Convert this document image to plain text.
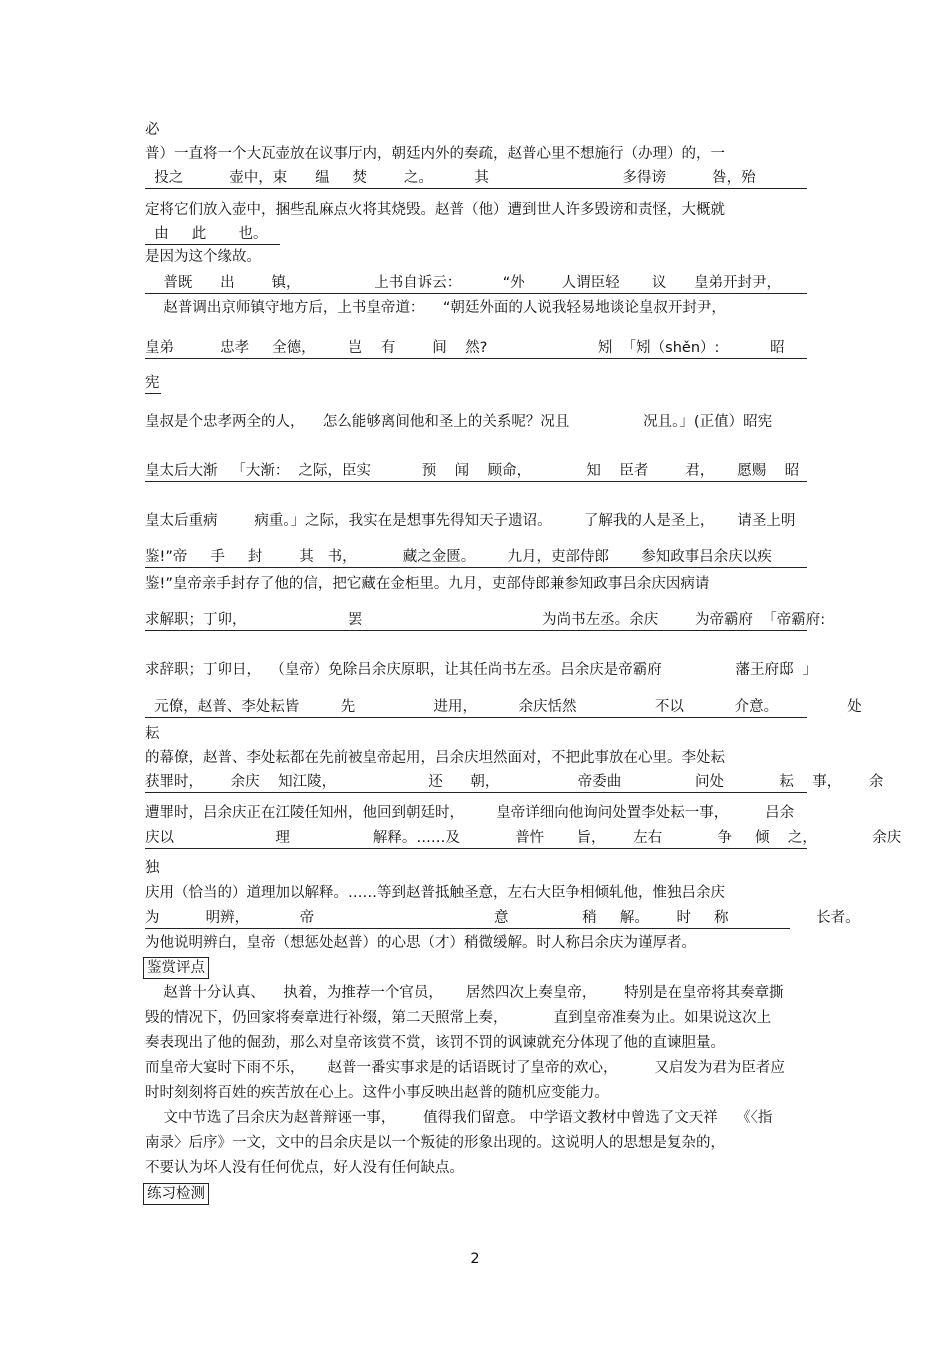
必
普）一直将一个大瓦壶放在议事厅内，朝廷内外的奏疏，赵普心里不想施行（办理）的，一
投之          壶中，束      缊     焚        之。         其                             多得谤          咎，殆
定将它们放入壶中，捆些乱麻点火将其烧毁。赵普（他）遭到世人许多毁谤和责怪，大概就
由     此       也。
是因为这个缘故。
普既      出        镇，                上书自诉云：         “外        人谓臣轻       议      皇弟开封尹，
赵普调出京师镇守地方后，上书皇帝道：    “朝廷外面的人说我轻易地谈论皇叔开封尹，
皇弟          忠孝     全德，       岂    有        间    然?                        矧  「矧（shěn）:           昭
宪
皇叔是个忠孝两全的人，    怎么能够离间他和圣上的关系呢？况且                况且。」(正值）昭宪
皇太后大渐   「大渐：  之际，臣实           预    闻    顾命，            知    臣者        君，     愿赐    昭
皇太后重病        病重。」之际，我实在是想事先得知天子遗诏。       了解我的人是圣上，     请圣上明
鉴!”帝     手     封        其   书，          藏之金匮。       九月，吏部侍郎       参知政事吕余庆以疾
鉴!”皇帝亲手封存了他的信，把它藏在金柜里。九月，吏部侍郎兼参知政事吕余庆因病请
求解职；丁卯，                      罢                                       为尚书左丞。余庆        为帝霸府  「帝霸府:
求辞职；丁卯日，  （皇帝）免除吕余庆原职，让其任尚书左丞。吕余庆是帝霸府                藩王府邸  」
元僚，赵普、李处耘皆         先                 进用，         余庆恬然                 不以           介意。               处
耘
的幕僚，赵普、李处耘都在先前被皇帝起用，吕余庆坦然面对，不把此事放在心里。李处耘
获罪时，      余庆    知江陵，                    还      朝，                 帝委曲                问处            耘    事，      余
遭罪时，吕余庆正在江陵任知州，他回到朝廷时，       皇帝详细向他询问处置李处耘一事，        吕余
庆以                      理                  解释。……及            普忤       旨，      左右            争     倾    之，            余庆
独
庆用（恰当的）道理加以解释。……等到赵普抵触圣意，左右大臣争相倾轧他，惟独吕余庆
为          明辨，           帝                                       意                稍     解。      时     称                   长者。
为他说明辨白，皇帝（想惩处赵普）的心思（才）稍微缓解。时人称吕余庆为谨厚者。
鉴赏评点
赵普十分认真、    执着，为推荐一个官员，     居然四次上奏皇帝，      特别是在皇帝将其奏章撕
毁的情况下，仍回家将奏章进行补缀，第二天照常上奏，          直到皇帝准奏为止。如果说这次上
奏表现出了他的倔劲，那么对皇帝该赏不赏，该罚不罚的讽谏就充分体现了他的直谏胆量。
而皇帝大宴时下雨不乐，     赵普一番实事求是的话语既讨了皇帝的欢心，        又启发为君为臣者应
时时刻刻将百姓的疾苦放在心上。这件小事反映出赵普的随机应变能力。
文中节选了吕余庆为赵普辩诬一事，      值得我们留意。 中学语文教材中曾选了文天祥    《〈指
南录〉后序》一文，文中的吕余庆是以一个叛徒的形象出现的。这说明人的思想是复杂的，
不要认为坏人没有任何优点，好人没有任何缺点。
练习检测
2
